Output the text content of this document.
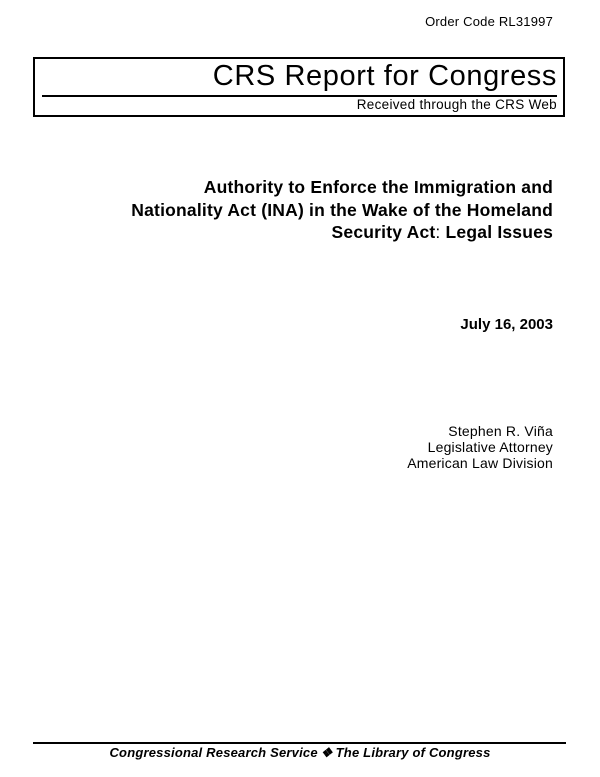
Order Code RL31997
CRS Report for Congress
Received through the CRS Web
Authority to Enforce the Immigration and
Nationality Act (INA) in the Wake of the Homeland
Security Act: Legal Issues
July 16, 2003
Stephen R. Viña
Legislative Attorney
American Law Division
Congressional Research Service ❖ The Library of Congress
